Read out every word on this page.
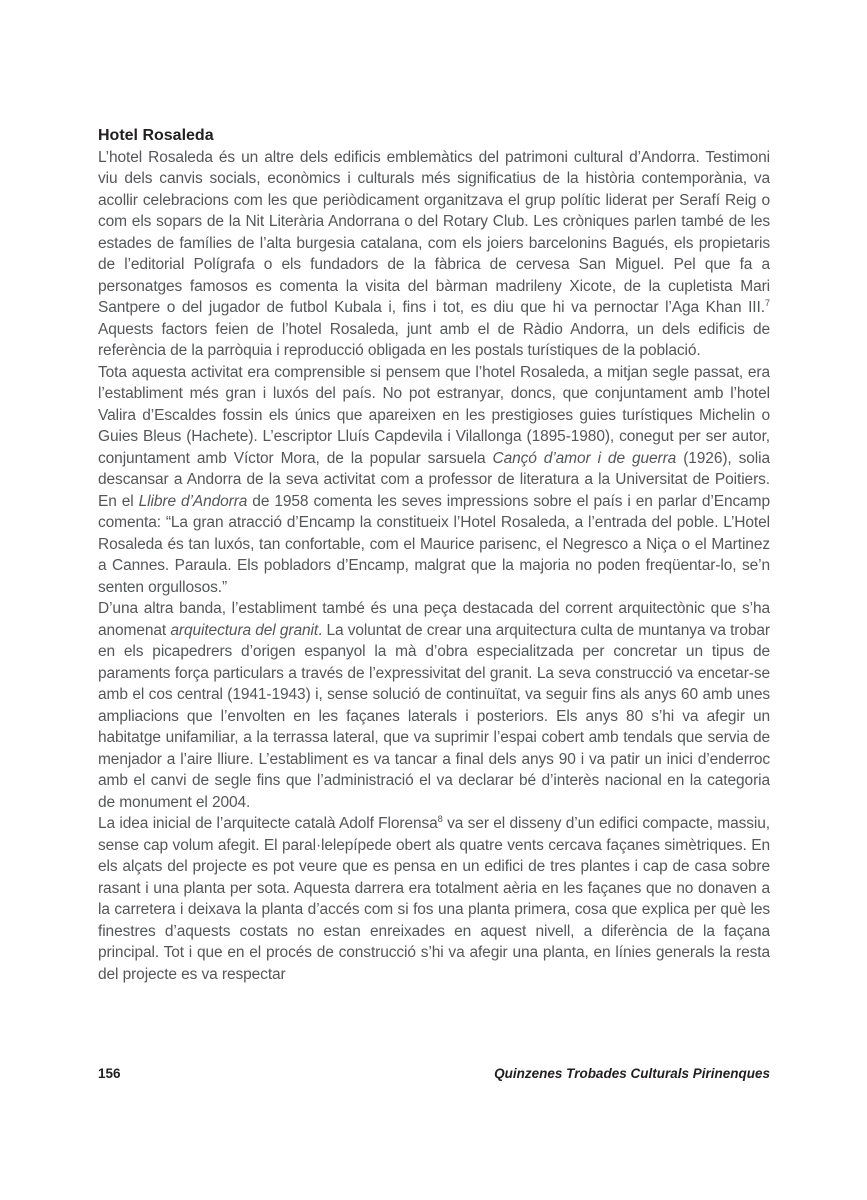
Hotel Rosaleda

L’hotel Rosaleda és un altre dels edificis emblemàtics del patrimoni cultural d’Andorra. Testimoni viu dels canvis socials, econòmics i culturals més significatius de la història contemporània, va acollir celebracions com les que periòdicament organitzava el grup polític liderat per Serafí Reig o com els sopars de la Nit Literària Andorrana o del Rotary Club. Les cròniques parlen també de les estades de famílies de l’alta burgesia catalana, com els joiers barcelonins Bagués, els propietaris de l’editorial Polígrafa o els fundadors de la fàbrica de cervesa San Miguel. Pel que fa a personatges famosos es comenta la visita del bàrman madrileny Xicote, de la cupletista Mari Santpere o del jugador de futbol Kubala i, fins i tot, es diu que hi va pernoctar l’Aga Khan III.$^7$ Aquests factors feien de l’hotel Rosaleda, junt amb el de Ràdio Andorra, un dels edificis de referència de la parròquia i reproducció obligada en les postals turístiques de la població.

Tota aquesta activitat era comprensible si pensem que l’hotel Rosaleda, a mitjan segle passat, era l’establiment més gran i luxós del país. No pot estranyar, doncs, que conjuntament amb l’hotel Valira d’Escaldes fossin els únics que apareixen en les prestigioses guies turístiques Michelin o Guies Bleus (Hachete). L’escriptor Lluís Capdevila i Vilallonga (1895-1980), conegut per ser autor, conjuntament amb Víctor Mora, de la popular sarsuela Cançó d’amor i de guerra (1926), solia descansar a Andorra de la seva activitat com a professor de literatura a la Universitat de Poitiers. En el Llibre d’Andorra de 1958 comenta les seves impressions sobre el país i en parlar d’Encamp comenta: “La gran atracció d’Encamp la constitueix l’Hotel Rosaleda, a l’entrada del poble. L’Hotel Rosaleda és tan luxós, tan confortable, com el Maurice parisenc, el Negresco a Niça o el Martinez a Cannes. Paraula. Els pobladors d’Encamp, malgrat que la majoria no poden freqüentar-lo, se’n senten orgullosos.”

D’una altra banda, l’establiment també és una peça destacada del corrent arquitectònic que s’ha anomenat arquitectura del granit. La voluntat de crear una arquitectura culta de muntanya va trobar en els picapedrers d’origen espanyol la mà d’obra especialitzada per concretar un tipus de paraments força particulars a través de l’expressivitat del granit. La seva construcció va encetar-se amb el cos central (1941-1943) i, sense solució de continuïtat, va seguir fins als anys 60 amb unes ampliacions que l’envolten en les façanes laterals i posteriors. Els anys 80 s’hi va afegir un habitatge unifamiliar, a la terrassa lateral, que va suprimir l’espai cobert amb tendals que servia de menjador a l’aire lliure. L’establiment es va tancar a final dels anys 90 i va patir un inici d’enderroc amb el canvi de segle fins que l’administració el va declarar bé d’interès nacional en la categoria de monument el 2004.

La idea inicial de l’arquitecte català Adolf Florensa$^8$ va ser el disseny d’un edifici compacte, massiu, sense cap volum afegit. El paral·lelepípede obert als quatre vents cercava façanes simètriques. En els alçats del projecte es pot veure que es pensa en un edifici de tres plantes i cap de casa sobre rasant i una planta per sota. Aquesta darrera era totalment aèria en les façanes que no donaven a la carretera i deixava la planta d’accés com si fos una planta primera, cosa que explica per què les finestres d’aquests costats no estan enreixades en aquest nivell, a diferència de la façana principal. Tot i que en el procés de construcció s’hi va afegir una planta, en línies generals la resta del projecte es va respectar

156	Quinzenes Trobades Culturals Pirinenques
